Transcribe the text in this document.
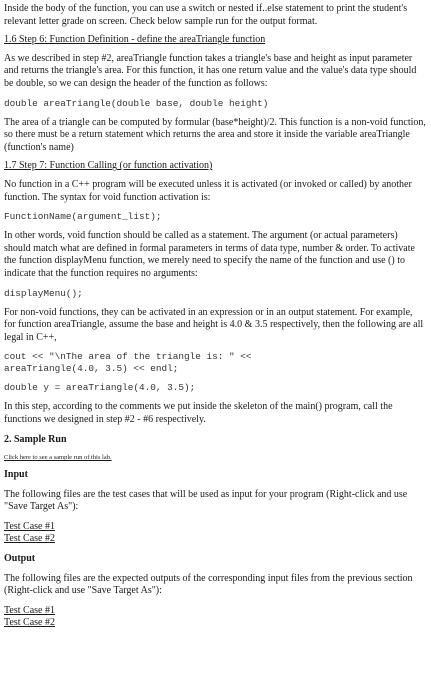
Inside the body of the function, you can use a switch or nested if..else statement to print the student's relevant letter grade on screen. Check below sample run for the output format.

1.6 Step 6: Function Definition - define the areaTriangle function

As we described in step #2, areaTriangle function takes a triangle's base and height as input parameter and returns the triangle's area. For this function, it has one return value and the value's data type should be double, so we can design the header of the function as follows:

double areaTriangle(double base, double height)

The area of a triangle can be computed by formular (base*height)/2. This function is a non-void function, so there must be a return statement which returns the area and store it inside the variable areaTriangle (function's name)

1.7 Step 7: Function Calling (or function activation)

No function in a C++ program will be executed unless it is activated (or invoked or called) by another function. The syntax for void function activation is:

FunctionName(argument_list);

In other words, void function should be called as a statement. The argument (or actual parameters) should match what are defined in formal parameters in terms of data type, number & order. To activate the function displayMenu function, we merely need to specify the name of the function and use () to indicate that the function requires no arguments:

displayMenu();

For non-void functions, they can be activated in an expression or in an output statement. For example, for function areaTriangle, assume the base and height is 4.0 & 3.5 respectively, then the following are all legal in C++,

cout << "\nThe area of the triangle is: " <<
areaTriangle(4.0, 3.5) << endl;
double y = areaTriangle(4.0, 3.5);

In this step, according to the comments we put inside the skeleton of the main() program, call the functions we designed in step #2 - #6 respectively.

2. Sample Run

Click here to see a sample run of this lab.

Input

The following files are the test cases that will be used as input for your program (Right-click and use "Save Target As"):

Test Case #1
Test Case #2

Output

The following files are the expected outputs of the corresponding input files from the previous section (Right-click and use "Save Target As"):

Test Case #1
Test Case #2
